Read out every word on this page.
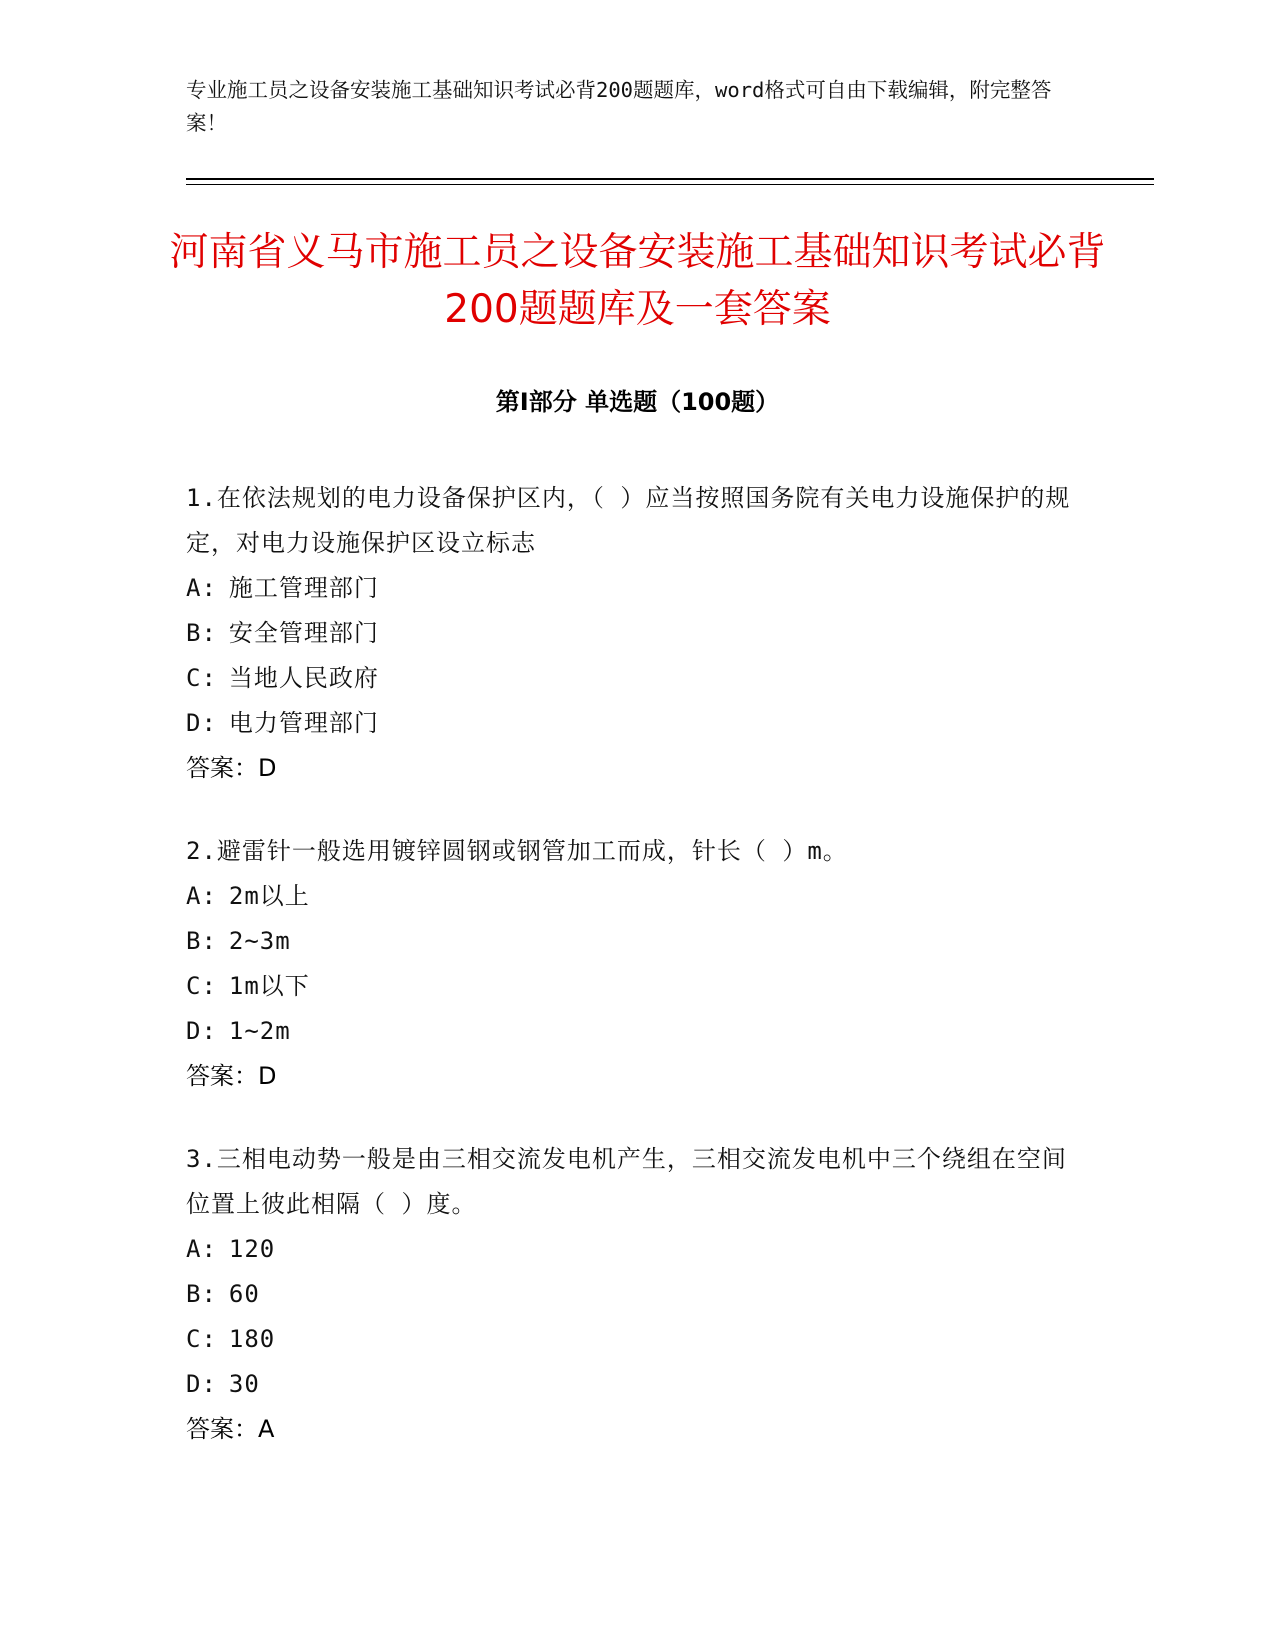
专业施工员之设备安装施工基础知识考试必背200题题库，word格式可自由下载编辑，附完整答案！
河南省义马市施工员之设备安装施工基础知识考试必背200题题库及一套答案
第Ⅰ部分 单选题（100题）
1.在依法规划的电力设备保护区内，（ ）应当按照国务院有关电力设施保护的规定，对电力设施保护区设立标志
A: 施工管理部门
B: 安全管理部门
C: 当地人民政府
D: 电力管理部门
答案：D
2.避雷针一般选用镀锌圆钢或钢管加工而成，针长（ ）m。
A: 2m以上
B: 2~3m
C: 1m以下
D: 1~2m
答案：D
3.三相电动势一般是由三相交流发电机产生，三相交流发电机中三个绕组在空间位置上彼此相隔（ ）度。
A: 120
B: 60
C: 180
D: 30
答案：A
